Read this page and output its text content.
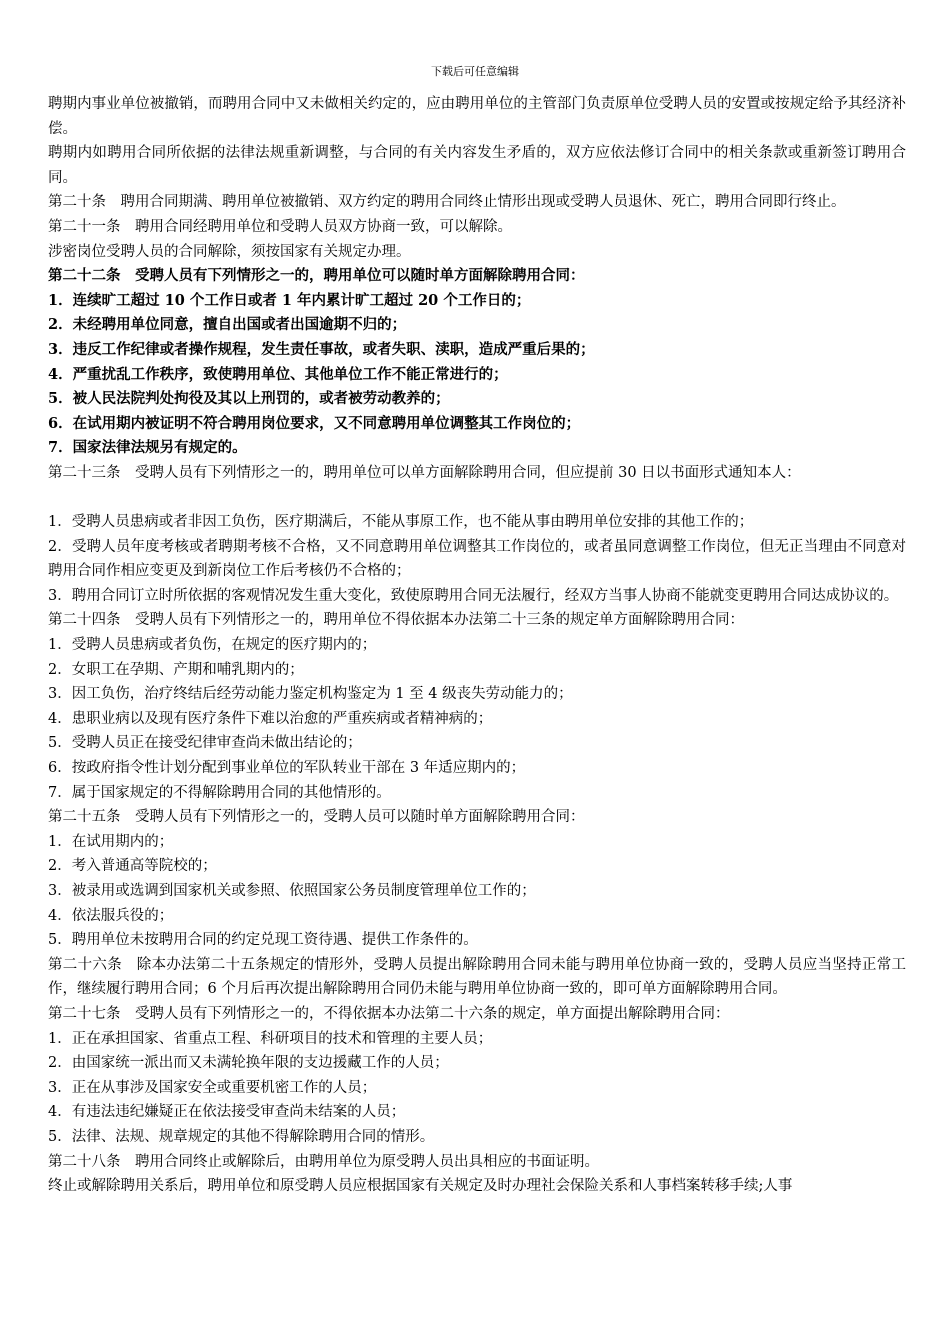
下载后可任意编辑

聘期内事业单位被撤销，而聘用合同中又未做相关约定的，应由聘用单位的主管部门负责原单位受聘人员的安置或按规定给予其经济补偿。

聘期内如聘用合同所依据的法律法规重新调整，与合同的有关内容发生矛盾的，双方应依法修订合同中的相关条款或重新签订聘用合同。

第二十条　聘用合同期满、聘用单位被撤销、双方约定的聘用合同终止情形出现或受聘人员退休、死亡，聘用合同即行终止。

第二十一条　聘用合同经聘用单位和受聘人员双方协商一致，可以解除。

涉密岗位受聘人员的合同解除，须按国家有关规定办理。

第二十二条　受聘人员有下列情形之一的，聘用单位可以随时单方面解除聘用合同：

1．连续旷工超过 10 个工作日或者 1 年内累计旷工超过 20 个工作日的；

2．未经聘用单位同意，擅自出国或者出国逾期不归的；

3．违反工作纪律或者操作规程，发生责任事故，或者失职、渎职，造成严重后果的；

4．严重扰乱工作秩序，致使聘用单位、其他单位工作不能正常进行的；

5．被人民法院判处拘役及其以上刑罚的，或者被劳动教养的；

6．在试用期内被证明不符合聘用岗位要求，又不同意聘用单位调整其工作岗位的；

7．国家法律法规另有规定的。

第二十三条　受聘人员有下列情形之一的，聘用单位可以单方面解除聘用合同，但应提前 30 日以书面形式通知本人：

1．受聘人员患病或者非因工负伤，医疗期满后，不能从事原工作，也不能从事由聘用单位安排的其他工作的；

2．受聘人员年度考核或者聘期考核不合格，又不同意聘用单位调整其工作岗位的，或者虽同意调整工作岗位，但无正当理由不同意对聘用合同作相应变更及到新岗位工作后考核仍不合格的；

3．聘用合同订立时所依据的客观情况发生重大变化，致使原聘用合同无法履行，经双方当事人协商不能就变更聘用合同达成协议的。

第二十四条　受聘人员有下列情形之一的，聘用单位不得依据本办法第二十三条的规定单方面解除聘用合同：

1．受聘人员患病或者负伤，在规定的医疗期内的；

2．女职工在孕期、产期和哺乳期内的；

3．因工负伤，治疗终结后经劳动能力鉴定机构鉴定为 1 至 4 级丧失劳动能力的；

4．患职业病以及现有医疗条件下难以治愈的严重疾病或者精神病的；

5．受聘人员正在接受纪律审查尚未做出结论的；

6．按政府指令性计划分配到事业单位的军队转业干部在 3 年适应期内的；

7．属于国家规定的不得解除聘用合同的其他情形的。

第二十五条　受聘人员有下列情形之一的，受聘人员可以随时单方面解除聘用合同：

1．在试用期内的；

2．考入普通高等院校的；

3．被录用或选调到国家机关或参照、依照国家公务员制度管理单位工作的；

4．依法服兵役的；

5．聘用单位未按聘用合同的约定兑现工资待遇、提供工作条件的。

第二十六条　除本办法第二十五条规定的情形外，受聘人员提出解除聘用合同未能与聘用单位协商一致的，受聘人员应当坚持正常工作，继续履行聘用合同；6 个月后再次提出解除聘用合同仍未能与聘用单位协商一致的，即可单方面解除聘用合同。

第二十七条　受聘人员有下列情形之一的，不得依据本办法第二十六条的规定，单方面提出解除聘用合同：

1．正在承担国家、省重点工程、科研项目的技术和管理的主要人员；

2．由国家统一派出而又未满轮换年限的支边援藏工作的人员；

3．正在从事涉及国家安全或重要机密工作的人员；

4．有违法违纪嫌疑正在依法接受审查尚未结案的人员；

5．法律、法规、规章规定的其他不得解除聘用合同的情形。

第二十八条　聘用合同终止或解除后，由聘用单位为原受聘人员出具相应的书面证明。

终止或解除聘用关系后，聘用单位和原受聘人员应根据国家有关规定及时办理社会保险关系和人事档案转移手续;人事
